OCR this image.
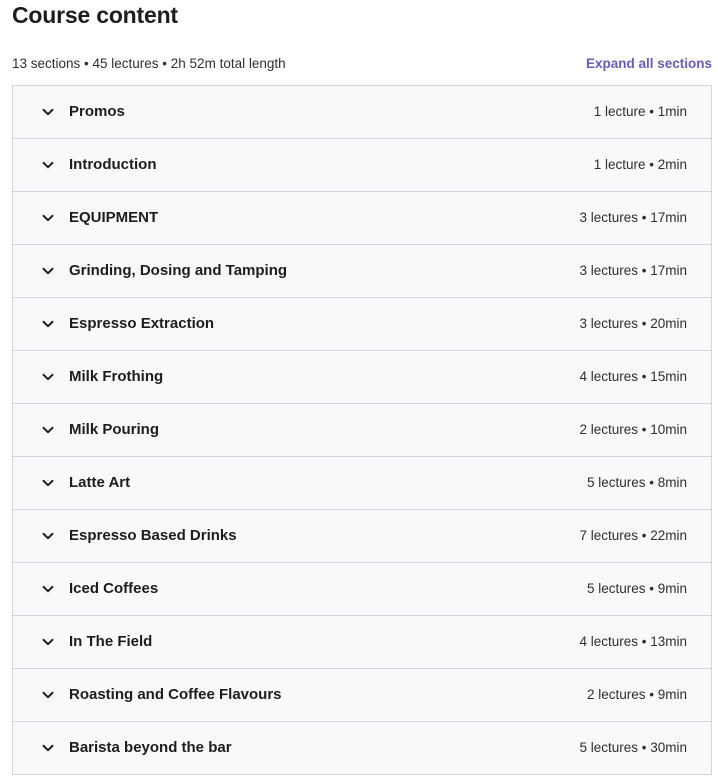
Course content
13 sections • 45 lectures • 2h 52m total length	Expand all sections
Promos	1 lecture • 1min
Introduction	1 lecture • 2min
EQUIPMENT	3 lectures • 17min
Grinding, Dosing and Tamping	3 lectures • 17min
Espresso Extraction	3 lectures • 20min
Milk Frothing	4 lectures • 15min
Milk Pouring	2 lectures • 10min
Latte Art	5 lectures • 8min
Espresso Based Drinks	7 lectures • 22min
Iced Coffees	5 lectures • 9min
In The Field	4 lectures • 13min
Roasting and Coffee Flavours	2 lectures • 9min
Barista beyond the bar	5 lectures • 30min
